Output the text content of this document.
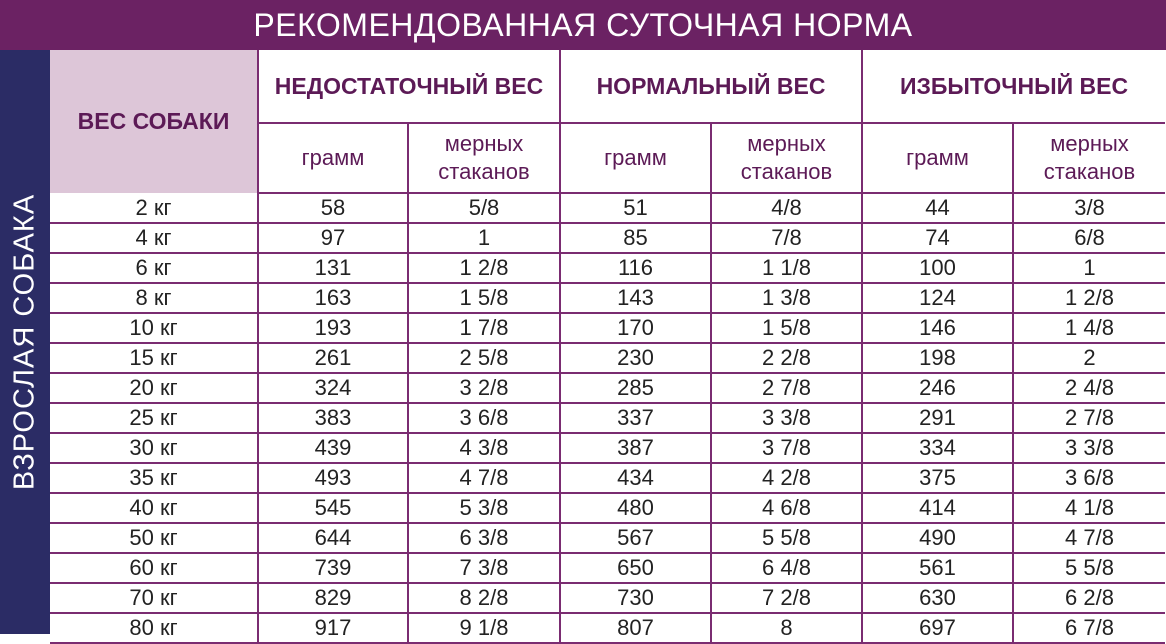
РЕКОМЕНДОВАННАЯ СУТОЧНАЯ НОРМА
ВЗРОСЛАЯ СОБАКА
ВЕС СОБАКИ	НЕДОСТАТОЧНЫЙ ВЕС		НОРМАЛЬНЫЙ ВЕС		ИЗБЫТОЧНЫЙ ВЕС	
	грамм	мерных стаканов	грамм	мерных стаканов	грамм	мерных стаканов
2 кг	58	5/8	51	4/8	44	3/8
4 кг	97	1	85	7/8	74	6/8
6 кг	131	1 2/8	116	1 1/8	100	1
8 кг	163	1 5/8	143	1 3/8	124	1 2/8
10 кг	193	1 7/8	170	1 5/8	146	1 4/8
15 кг	261	2 5/8	230	2 2/8	198	2
20 кг	324	3 2/8	285	2 7/8	246	2 4/8
25 кг	383	3 6/8	337	3 3/8	291	2 7/8
30 кг	439	4 3/8	387	3 7/8	334	3 3/8
35 кг	493	4 7/8	434	4 2/8	375	3 6/8
40 кг	545	5 3/8	480	4 6/8	414	4 1/8
50 кг	644	6 3/8	567	5 5/8	490	4 7/8
60 кг	739	7 3/8	650	6 4/8	561	5 5/8
70 кг	829	8 2/8	730	7 2/8	630	6 2/8
80 кг	917	9 1/8	807	8	697	6 7/8
